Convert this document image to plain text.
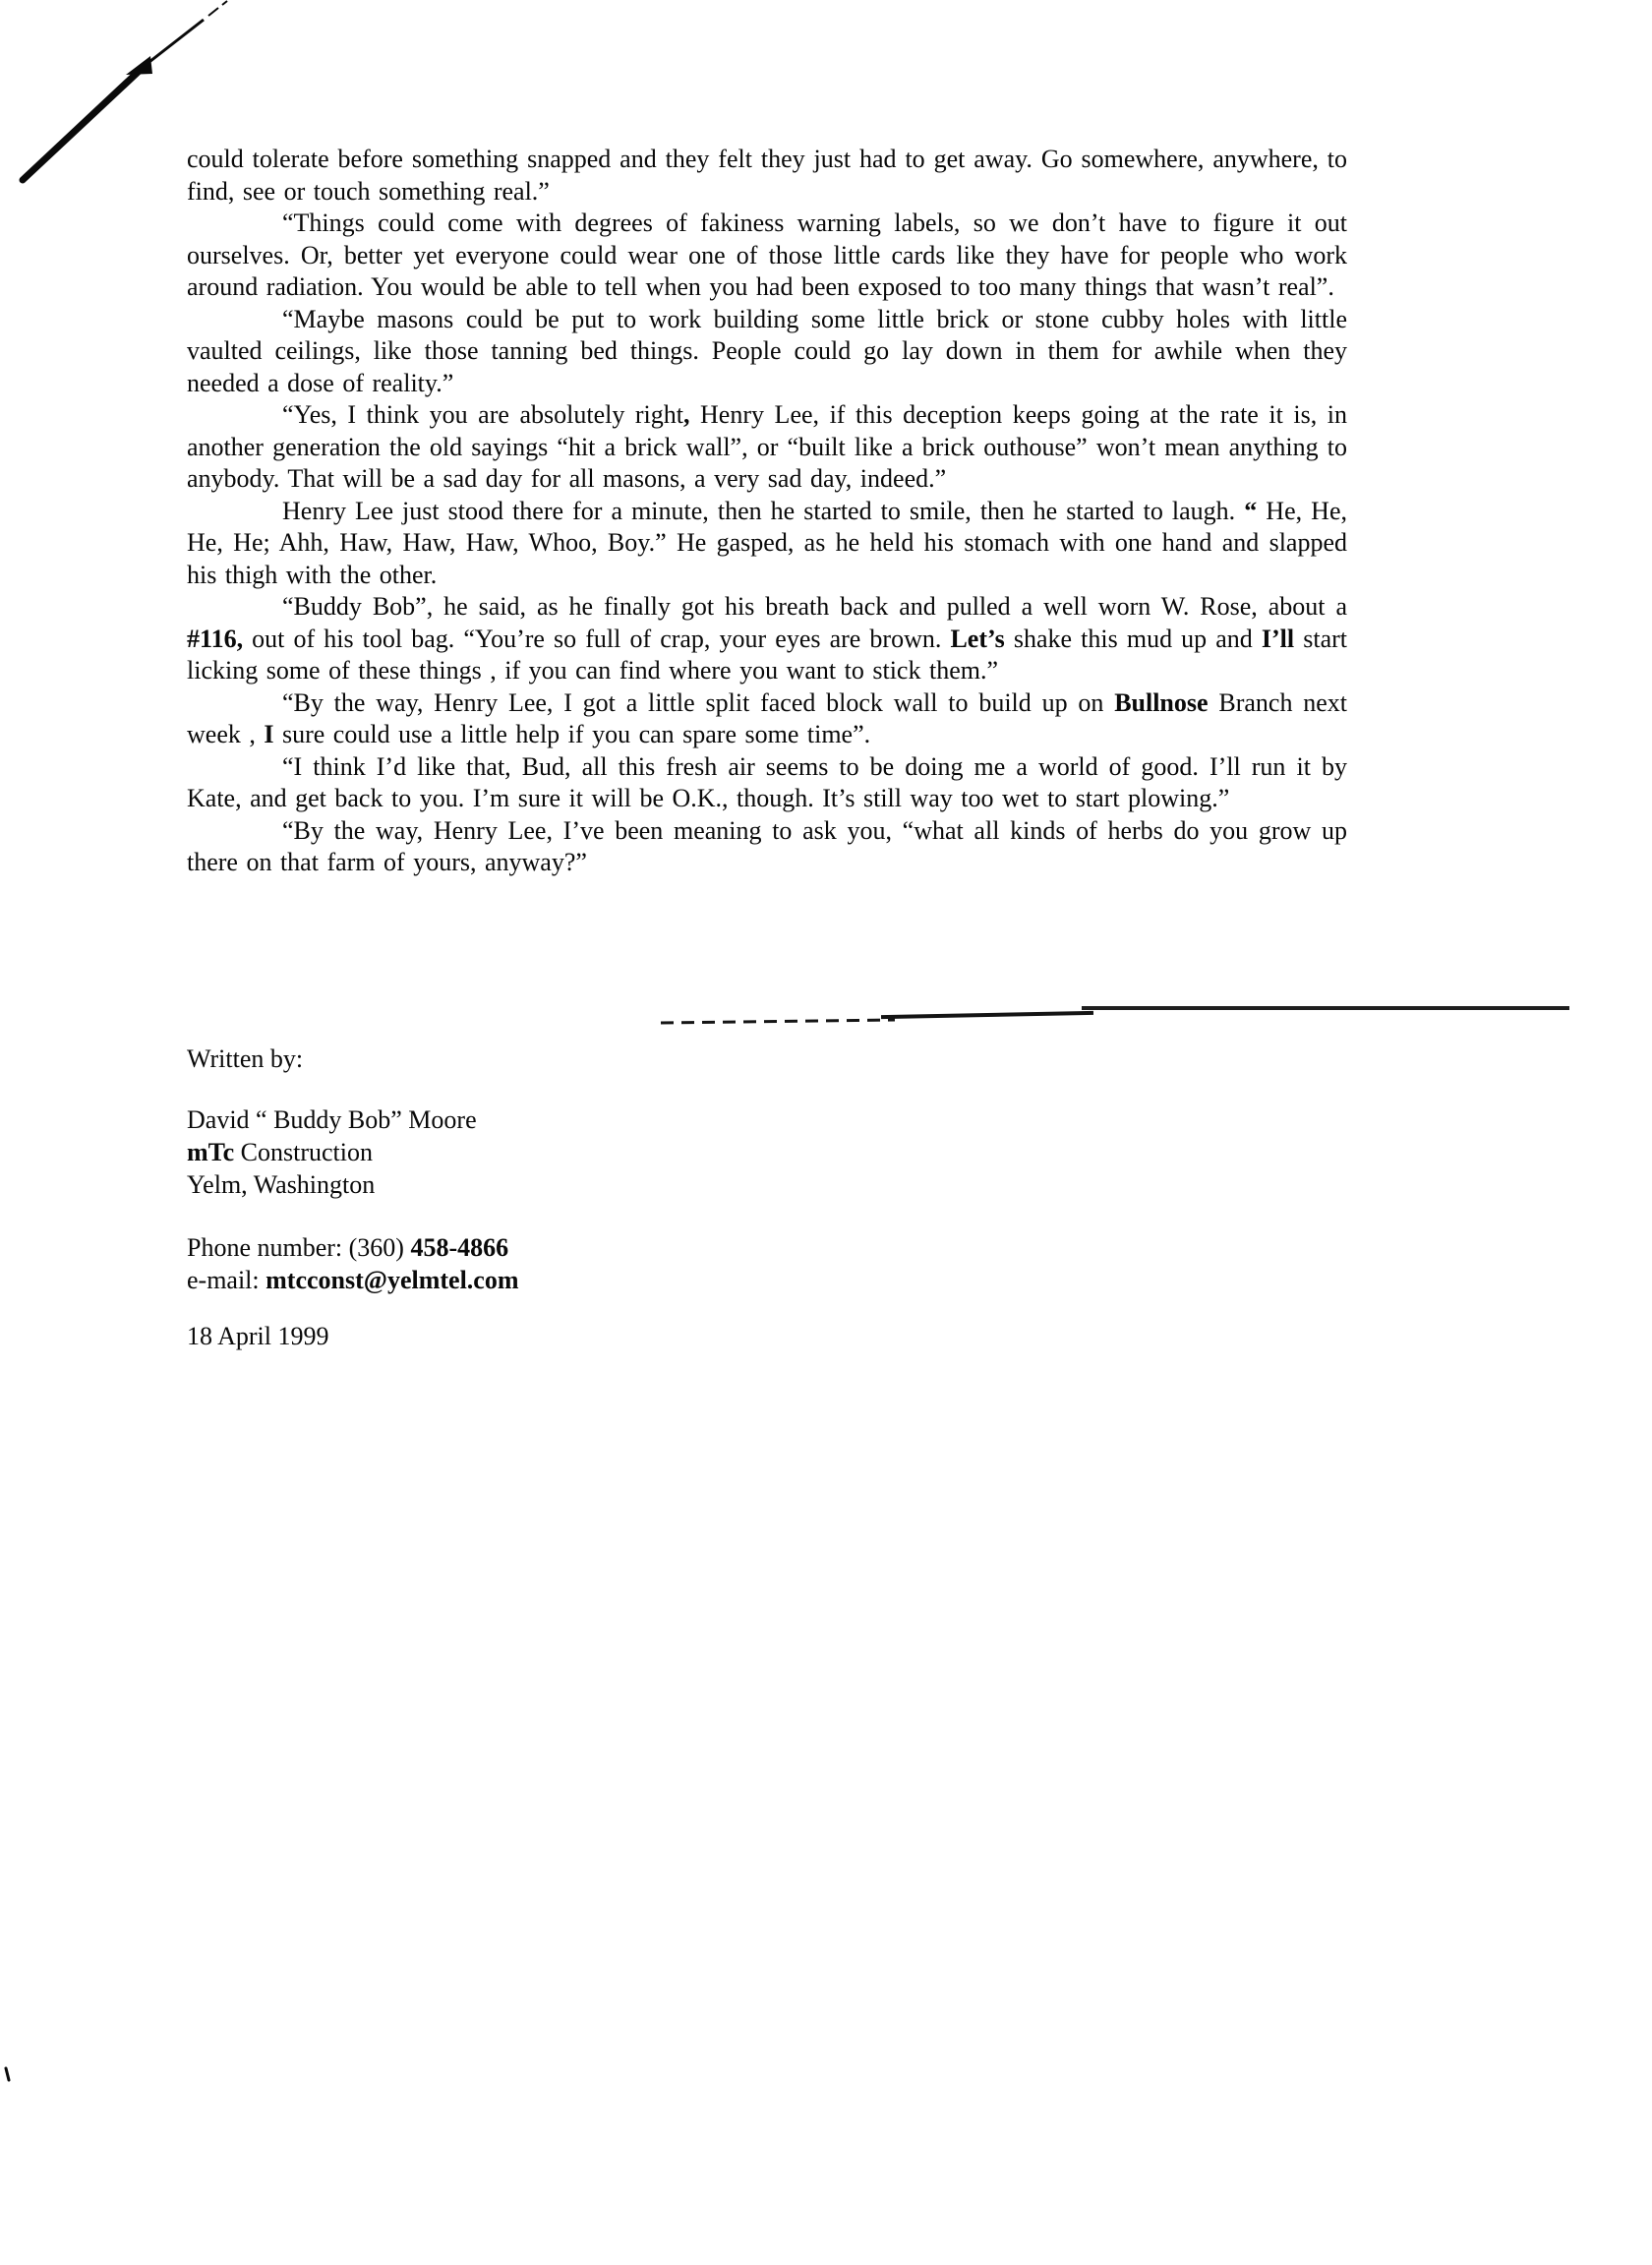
could tolerate before something snapped and they felt they just had to get away. Go somewhere, anywhere, to find, see or touch something real.”

“Things could come with degrees of fakiness warning labels, so we don’t have to figure it out ourselves. Or, better yet everyone could wear one of those little cards like they have for people who work around radiation. You would be able to tell when you had been exposed to too many things that wasn’t real”.

“Maybe masons could be put to work building some little brick or stone cubby holes with little vaulted ceilings, like those tanning bed things. People could go lay down in them for awhile when they needed a dose of reality.”

“Yes, I think you are absolutely right, Henry Lee, if this deception keeps going at the rate it is, in another generation the old sayings “hit a brick wall”, or “built like a brick outhouse” won’t mean anything to anybody. That will be a sad day for all masons, a very sad day, indeed.”

Henry Lee just stood there for a minute, then he started to smile, then he started to laugh. “ He, He, He, He; Ahh, Haw, Haw, Haw, Whoo, Boy.” He gasped, as he held his stomach with one hand and slapped his thigh with the other.

“Buddy Bob”, he said, as he finally got his breath back and pulled a well worn W. Rose, about a #116, out of his tool bag. “You’re so full of crap, your eyes are brown. Let’s shake this mud up and I’ll start licking some of these things , if you can find where you want to stick them.”

“By the way, Henry Lee, I got a little split faced block wall to build up on Bullnose Branch next week , I sure could use a little help if you can spare some time”.

“I think I’d like that, Bud, all this fresh air seems to be doing me a world of good. I’ll run it by Kate, and get back to you. I’m sure it will be O.K., though. It’s still way too wet to start plowing.”

“By the way, Henry Lee, I’ve been meaning to ask you, “what all kinds of herbs do you grow up there on that farm of yours, anyway?”

Written by:

David “ Buddy Bob” Moore

mTc Construction

Yelm, Washington

Phone number: (360) 458-4866

e-mail: mtcconst@yelmtel.com

18 April 1999
